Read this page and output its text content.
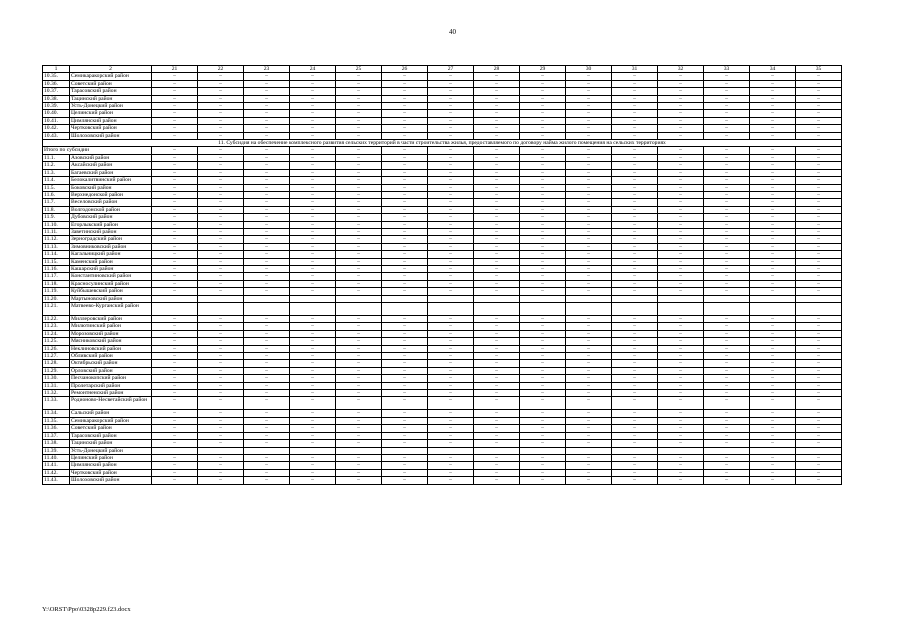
40
1	2	21	22	23	24	25	26	27	28	29	30	31	32	33	34	35
10.35.	Семикаракорский район	–	–	–	–	–	–	–	–	–	–	–	–	–	–	–
10.36.	Советский район	–	–	–	–	–	–	–	–	–	–	–	–	–	–	–
10.37.	Тарасовский район	–	–	–	–	–	–	–	–	–	–	–	–	–	–	–
10.38.	Тацинский район	–	–	–	–	–	–	–	–	–	–	–	–	–	–	–
10.39.	Усть-Донецкий район	–	–	–	–	–	–	–	–	–	–	–	–	–	–	–
10.40.	Целинский район	–	–	–	–	–	–	–	–	–	–	–	–	–	–	–
10.41.	Цимлянский район	–	–	–	–	–	–	–	–	–	–	–	–	–	–	–
10.42.	Чертковский район	–	–	–	–	–	–	–	–	–	–	–	–	–	–	–
10.43.	Шолоховский район	–	–	–	–	–	–	–	–	–	–	–	–	–	–	–
11. Субсидия на обеспечение комплексного развития сельских территорий в части строительства жилья, предоставляемого по договору найма жилого помещения на сельских территориях																
Итого по субсидии		–	–	–	–	–	–	–	–	–	–	–	–	–	–	–
11.1.	Азовский район	–	–	–	–	–	–	–	–	–	–	–	–	–	–	–
11.2.	Аксайский район	–	–	–	–	–	–	–	–	–	–	–	–	–	–	–
11.3.	Багаевский район	–	–	–	–	–	–	–	–	–	–	–	–	–	–	–
11.4.	Белокалитвинский район	–	–	–	–	–	–	–	–	–	–	–	–	–	–	–
11.5.	Боковский район	–	–	–	–	–	–	–	–	–	–	–	–	–	–	–
11.6.	Верхнедонской район	–	–	–	–	–	–	–	–	–	–	–	–	–	–	–
11.7.	Веселовский район	–	–	–	–	–	–	–	–	–	–	–	–	–	–	–
11.8.	Волгодонской район	–	–	–	–	–	–	–	–	–	–	–	–	–	–	–
11.9.	Дубовский район	–	–	–	–	–	–	–	–	–	–	–	–	–	–	–
11.10.	Егорлыкский район	–	–	–	–	–	–	–	–	–	–	–	–	–	–	–
11.11.	Заветинский район	–	–	–	–	–	–	–	–	–	–	–	–	–	–	–
11.12.	Зерноградский район	–	–	–	–	–	–	–	–	–	–	–	–	–	–	–
11.13.	Зимовниковский район	–	–	–	–	–	–	–	–	–	–	–	–	–	–	–
11.14.	Кагальницкий район	–	–	–	–	–	–	–	–	–	–	–	–	–	–	–
11.15.	Каменский район	–	–	–	–	–	–	–	–	–	–	–	–	–	–	–
11.16.	Кашарский район	–	–	–	–	–	–	–	–	–	–	–	–	–	–	–
11.17.	Константиновский район	–	–	–	–	–	–	–	–	–	–	–	–	–	–	–
11.18.	Красносулинский район	–	–	–	–	–	–	–	–	–	–	–	–	–	–	–
11.19.	Куйбышевский район	–	–	–	–	–	–	–	–	–	–	–	–	–	–	–
11.20.	Мартыновский район															
11.21.	Матвеево-Курганский район															
11.22.	Миллеровский район	–	–	–	–	–	–	–	–	–	–	–	–	–	–	–
11.23.	Милютинский район	–	–	–	–	–	–	–	–	–	–	–	–	–	–	–
11.24.	Морозовский район	–	–	–	–	–	–	–	–	–	–	–	–	–	–	–
11.25.	Мясниковский район	–	–	–	–	–	–	–	–	–	–	–	–	–	–	–
11.26.	Неклиновский район	–	–	–	–	–	–	–	–	–	–	–	–	–	–	–
11.27.	Обливский район	–	–	–	–	–	–	–	–	–	–	–	–	–	–	–
11.28.	Октябрьский район	–	–	–	–	–	–	–	–	–	–	–	–	–	–	–
11.29.	Орловский район	–	–	–	–	–	–	–	–	–	–	–	–	–	–	–
11.30.	Песчанокопский район	–	–	–	–	–	–	–	–	–	–	–	–	–	–	–
11.31.	Пролетарский район	–	–	–	–	–	–	–	–	–	–	–	–	–	–	–
11.32.	Ремонтненский район	–	–	–	–	–	–	–	–	–	–	–	–	–	–	–
11.33.	Родионово-Несветайский район	–	–	–	–	–	–	–	–	–	–	–	–	–	–	–
11.34.	Сальский район	–	–	–	–	–	–	–	–	–	–	–	–	–	–	–
11.35.	Семикаракорский район	–	–	–	–	–	–	–	–	–	–	–	–	–	–	–
11.36.	Советский район	–	–	–	–	–	–	–	–	–	–	–	–	–	–	–
11.37.	Тарасовский район	–	–	–	–	–	–	–	–	–	–	–	–	–	–	–
11.38.	Тацинский район	–	–	–	–	–	–	–	–	–	–	–	–	–	–	–
11.39.	Усть-Донецкий район															
11.40.	Целинский район	–	–	–	–	–	–	–	–	–	–	–	–	–	–	–
11.41.	Цимлянский район	–	–	–	–	–	–	–	–	–	–	–	–	–	–	–
11.42.	Чертковский район	–	–	–	–	–	–	–	–	–	–	–	–	–	–	–
11.43.	Шолоховский район	–	–	–	–	–	–	–	–	–	–	–	–	–	–	–
Y:\ORST\Ppo\0328p229.f23.docx
